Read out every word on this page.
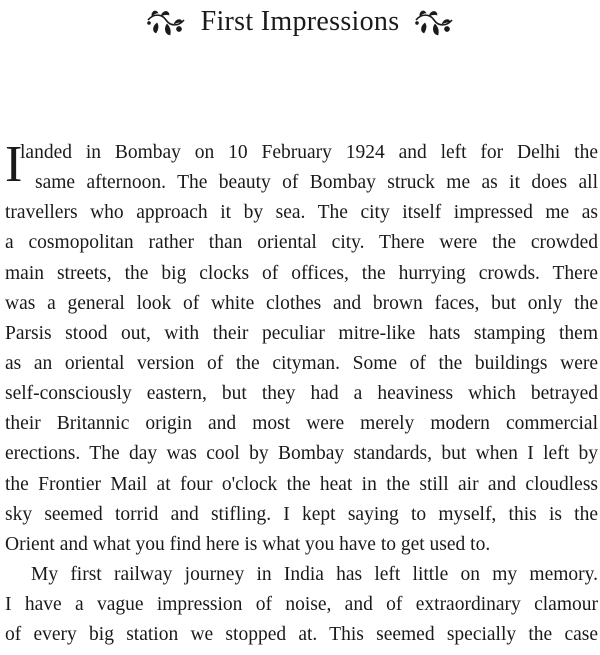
First Impressions
I
landed in Bombay on 10 February 1924 and left for Delhi the
same afternoon. The beauty of Bombay struck me as it does all
travellers who approach it by sea. The city itself impressed me as
a cosmopolitan rather than oriental city. There were the crowded
main streets, the big clocks of offices, the hurrying crowds. There
was a general look of white clothes and brown faces, but only the
Parsis stood out, with their peculiar mitre-like hats stamping them
as an oriental version of the cityman. Some of the buildings were
self-consciously eastern, but they had a heaviness which betrayed
their Britannic origin and most were merely modern commercial
erections. The day was cool by Bombay standards, but when I left by
the Frontier Mail at four o'clock the heat in the still air and cloudless
sky seemed torrid and stifling. I kept saying to myself, this is the
Orient and what you find here is what you have to get used to.
My first railway journey in India has left little on my memory.
I have a vague impression of noise, and of extraordinary clamour
of every big station we stopped at. This seemed specially the case
